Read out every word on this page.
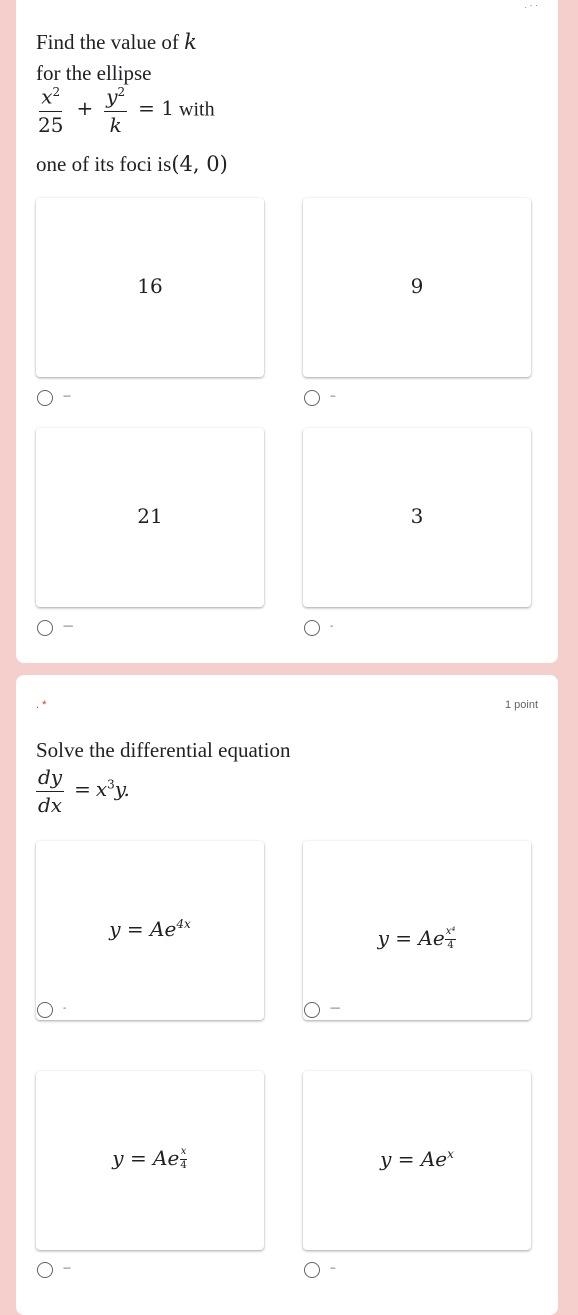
. · ·
Find the value of k
for the ellipse
$\frac{x^2}{25} + \frac{y^2}{k} = 1$ with
one of its foci is(4, 0)
16	9
---	--
21	3
----	-
. *	1 point
Solve the differential equation
$\frac{dy}{dx} = x^3y$.
$y = Ae^{4x}$
y = Ae $\frac{\text{x⁴}}{4}$
-	----
y = Ae $\frac{x}{4}$	$y = Ae^x$
---	--
